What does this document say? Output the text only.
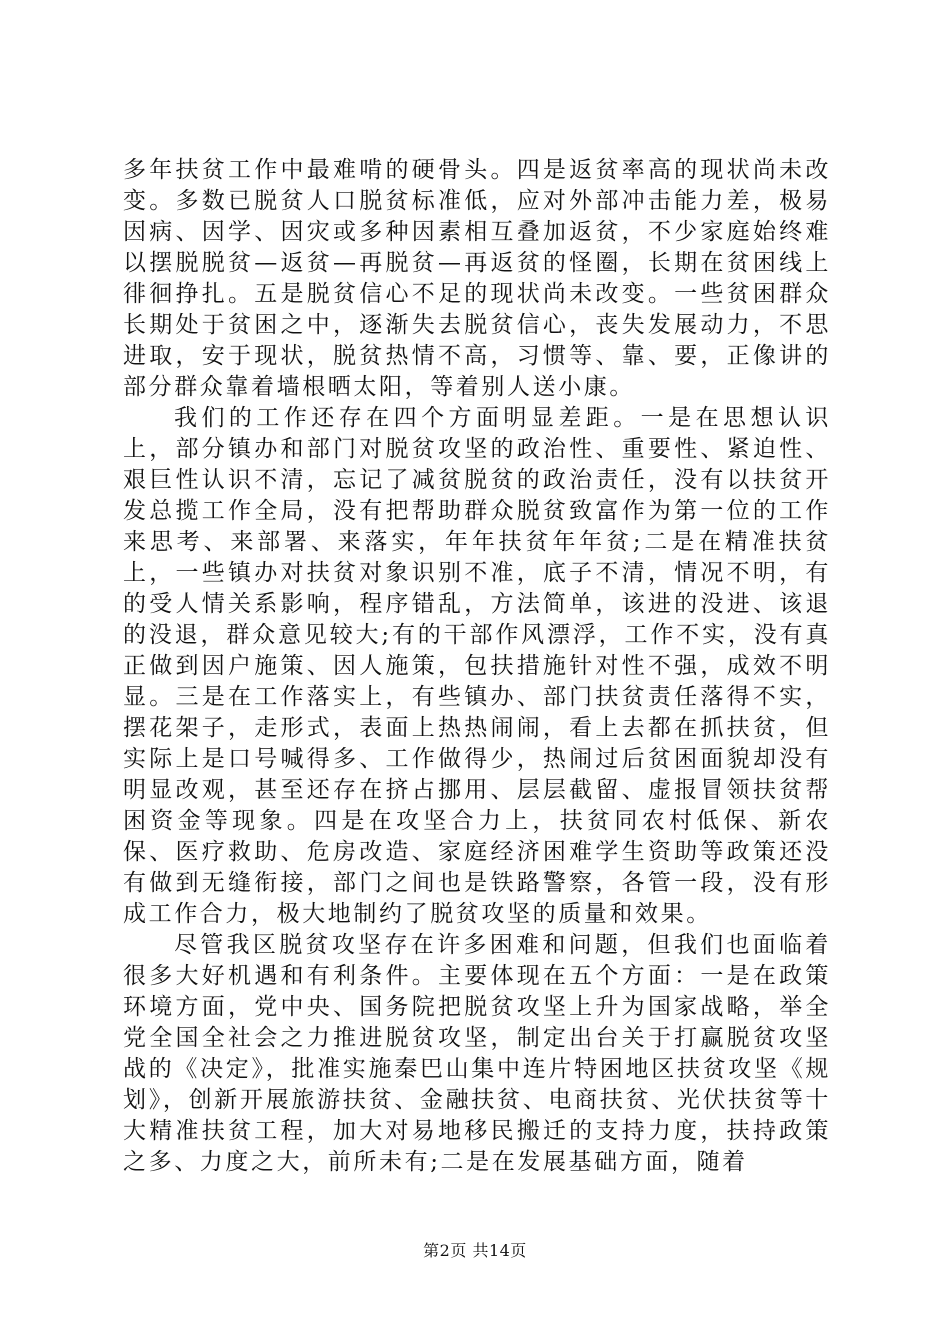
多年扶贫工作中最难啃的硬骨头。四是返贫率高的现状尚未改变。多数已脱贫人口脱贫标准低，应对外部冲击能力差，极易因病、因学、因灾或多种因素相互叠加返贫，不少家庭始终难以摆脱脱贫—返贫—再脱贫—再返贫的怪圈，长期在贫困线上徘徊挣扎。五是脱贫信心不足的现状尚未改变。一些贫困群众长期处于贫困之中，逐渐失去脱贫信心，丧失发展动力，不思进取，安于现状，脱贫热情不高，习惯等、靠、要，正像讲的部分群众靠着墙根晒太阳，等着别人送小康。

我们的工作还存在四个方面明显差距。一是在思想认识上，部分镇办和部门对脱贫攻坚的政治性、重要性、紧迫性、艰巨性认识不清，忘记了减贫脱贫的政治责任，没有以扶贫开发总揽工作全局，没有把帮助群众脱贫致富作为第一位的工作来思考、来部署、来落实，年年扶贫年年贫;二是在精准扶贫上，一些镇办对扶贫对象识别不准，底子不清，情况不明，有的受人情关系影响，程序错乱，方法简单，该进的没进、该退的没退，群众意见较大;有的干部作风漂浮，工作不实，没有真正做到因户施策、因人施策，包扶措施针对性不强，成效不明显。三是在工作落实上，有些镇办、部门扶贫责任落得不实，摆花架子，走形式，表面上热热闹闹，看上去都在抓扶贫，但实际上是口号喊得多、工作做得少，热闹过后贫困面貌却没有明显改观，甚至还存在挤占挪用、层层截留、虚报冒领扶贫帮困资金等现象。四是在攻坚合力上，扶贫同农村低保、新农保、医疗救助、危房改造、家庭经济困难学生资助等政策还没有做到无缝衔接，部门之间也是铁路警察，各管一段，没有形成工作合力，极大地制约了脱贫攻坚的质量和效果。

尽管我区脱贫攻坚存在许多困难和问题，但我们也面临着很多大好机遇和有利条件。主要体现在五个方面：一是在政策环境方面，党中央、国务院把脱贫攻坚上升为国家战略，举全党全国全社会之力推进脱贫攻坚，制定出台关于打赢脱贫攻坚战的《决定》，批准实施秦巴山集中连片特困地区扶贫攻坚《规划》，创新开展旅游扶贫、金融扶贫、电商扶贫、光伏扶贫等十大精准扶贫工程，加大对易地移民搬迁的支持力度，扶持政策之多、力度之大，前所未有;二是在发展基础方面，随着

第2页 共14页
